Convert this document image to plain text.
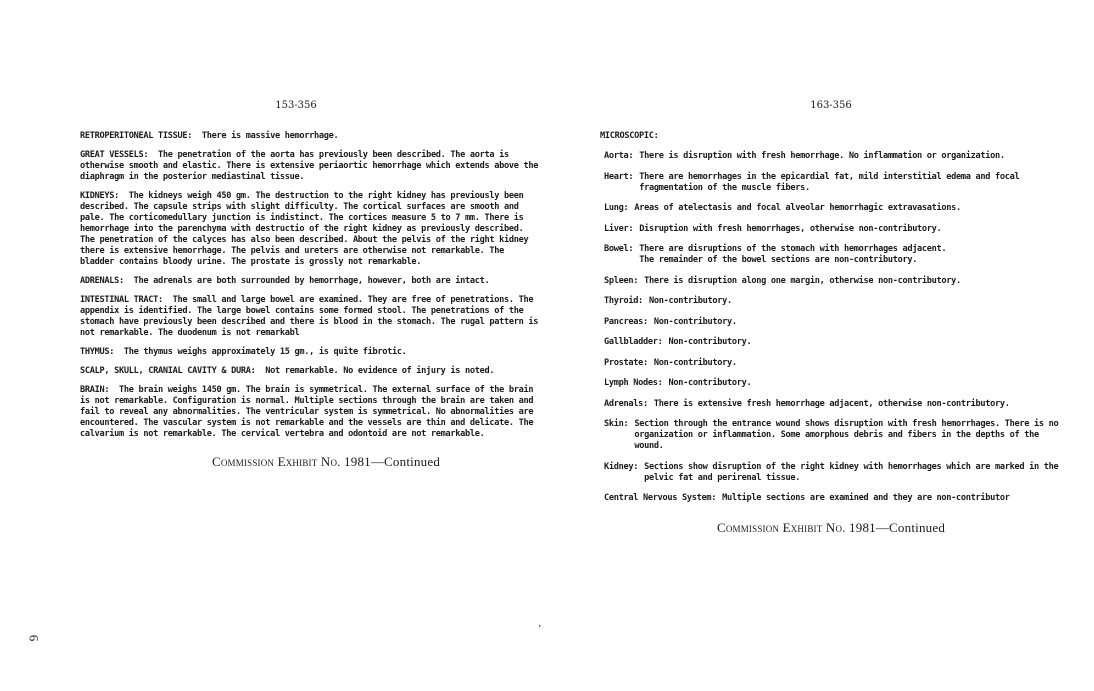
153-356
RETROPERITONEAL TISSUE: There is massive hemorrhage.
GREAT VESSELS: The penetration of the aorta has previously been described. The aorta is otherwise smooth and elastic. There is extensive periaortic hemorrhage which extends above the diaphragm in the posterior mediastinal tissue.
KIDNEYS: The kidneys weigh 450 gm. The destruction to the right kidney has previously been described. The capsule strips with slight difficulty. The cortical surfaces are smooth and pale. The corticomedullary junction is indistinct. The cortices measure 5 to 7 mm. There is hemorrhage into the parenchyma with destructio of the right kidney as previously described. The penetration of the calyces has also been described. About the pelvis of the right kidney there is extensive hemorrhage. The pelvis and ureters are otherwise not remarkable. The bladder contains bloody urine. The prostate is grossly not remarkable.
ADRENALS: The adrenals are both surrounded by hemorrhage, however, both are intact.
INTESTINAL TRACT: The small and large bowel are examined. They are free of penetrations. The appendix is identified. The large bowel contains some formed stool. The penetrations of the stomach have previously been described and there is blood in the stomach. The rugal pattern is not remarkable. The duodenum is not remarkabl
THYMUS: The thymus weighs approximately 15 gm., is quite fibrotic.
SCALP, SKULL, CRANIAL CAVITY & DURA: Not remarkable. No evidence of injury is noted.
BRAIN: The brain weighs 1450 gm. The brain is symmetrical. The external surface of the brain is not remarkable. Configuration is normal. Multiple sections through the brain are taken and fail to reveal any abnormalities. The ventricular system is symmetrical. No abnormalities are encountered. The vascular system is not remarkable and the vessels are thin and delicate. The calvarium is not remarkable. The cervical vertebra and odontoid are not remarkable.
Commission Exhibit No. 1981—Continued
163-356
MICROSCOPIC:
Aorta: There is disruption with fresh hemorrhage. No inflammation or organization.
Heart: There are hemorrhages in the epicardial fat, mild interstitial edema and focal fragmentation of the muscle fibers.
Lung: Areas of atelectasis and focal alveolar hemorrhagic extravasations.
Liver: Disruption with fresh hemorrhages, otherwise non-contributory.
Bowel: There are disruptions of the stomach with hemorrhages adjacent.
The remainder of the bowel sections are non-contributory.
Spleen: There is disruption along one margin, otherwise non-contributory.
Thyroid: Non-contributory.
Pancreas: Non-contributory.
Gallbladder: Non-contributory.
Prostate: Non-contributory.
Lymph Nodes: Non-contributory.
Adrenals: There is extensive fresh hemorrhage adjacent, otherwise non-contributory.
Skin: Section through the entrance wound shows disruption with fresh hemorrhages. There is no organization or inflammation. Some amorphous debris and fibers in the depths of the wound.
Kidney: Sections show disruption of the right kidney with hemorrhages which are marked in the pelvic fat and perirenal tissue.
Central Nervous System: Multiple sections are examined and they are non-contributor
Commission Exhibit No. 1981—Continued
6
ʼ
